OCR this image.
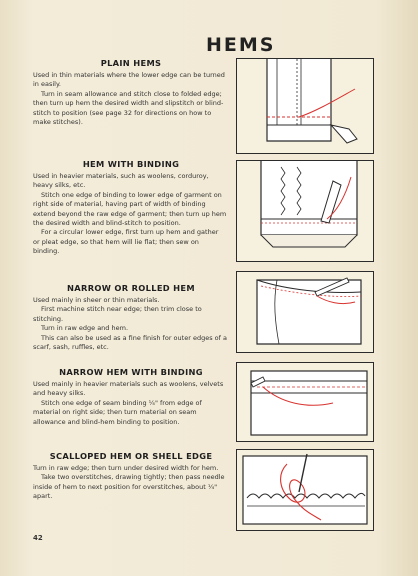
HEMS
PLAIN HEMS

Used in thin materials where the lower edge can be turned in easily.

Turn in seam allowance and stitch close to folded edge; then turn up hem the desired width and slipstitch or blind-stitch to position (see page 32 for directions on how to make stitches).

HEM WITH BINDING

Used in heavier materials, such as woolens, corduroy, heavy silks, etc.

Stitch one edge of binding to lower edge of garment on right side of material, having part of width of binding extend beyond the raw edge of garment; then turn up hem the desired width and blind-stitch to position.

For a circular lower edge, first turn up hem and gather or pleat edge, so that hem will lie flat; then sew on binding.

NARROW OR ROLLED HEM

Used mainly in sheer or thin materials.

First machine stitch near edge; then trim close to stitching.

Turn in raw edge and hem.

This can also be used as a fine finish for outer edges of a scarf, sash, ruffles, etc.

NARROW HEM WITH BINDING

Used mainly in heavier materials such as woolens, velvets and heavy silks.

Stitch one edge of seam binding ¼" from edge of material on right side; then turn material on seam allowance and blind-hem binding to position.

SCALLOPED HEM OR SHELL EDGE

Turn in raw edge; then turn under desired width for hem.

Take two overstitches, drawing tightly; then pass needle inside of hem to next position for overstitches, about ¼" apart.

42
